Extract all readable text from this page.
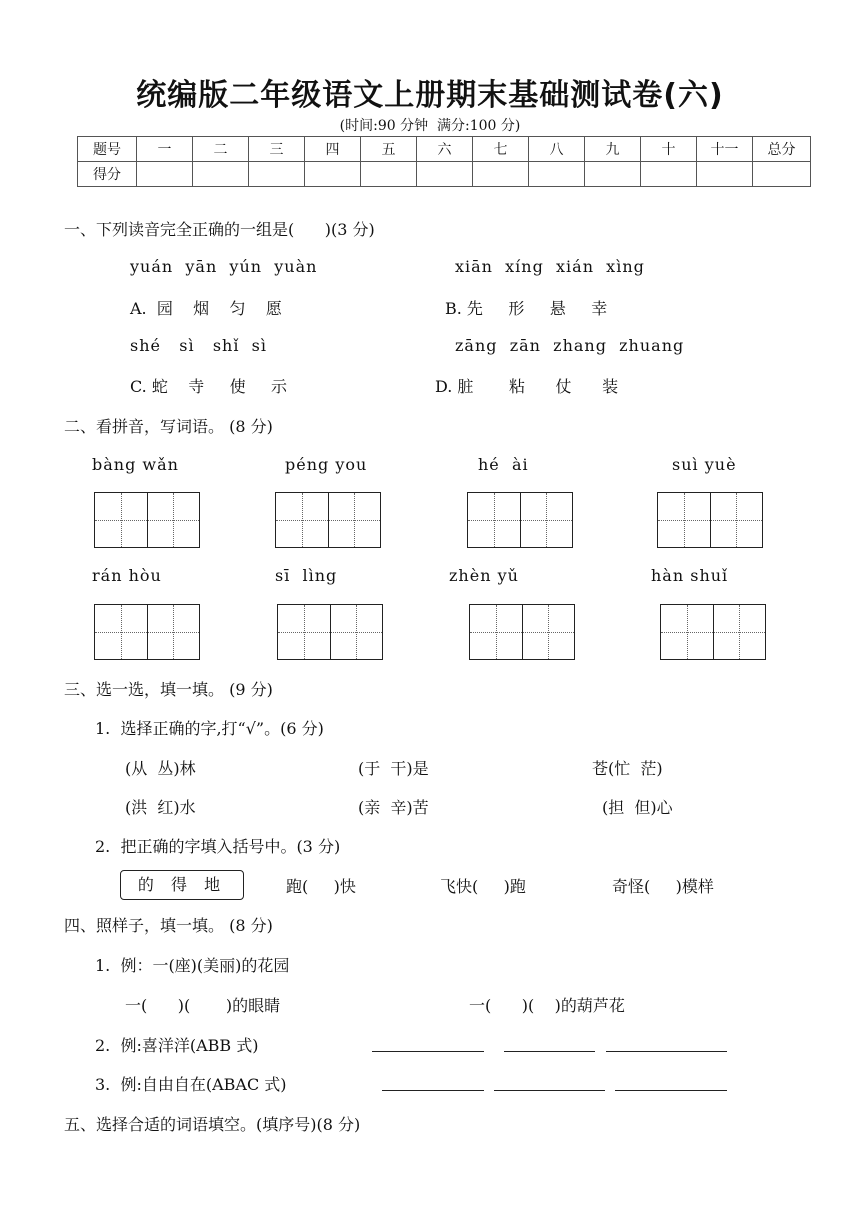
统编版二年级语文上册期末基础测试卷(六)
(时间:90 分钟  满分:100 分)
题号	一	二	三	四	五	六	七	八	九	十	十一	总分
得分												
一、下列读音完全正确的一组是(      )(3 分)
yuán  yān  yún  yuàn	xiān  xíng  xián  xìng
A.  园    烟    匀    愿	B. 先     形     悬     幸
shé   sì   shǐ  sì	zāng  zān  zhang  zhuang
C. 蛇    寺     使     示	D. 脏       粘      仗      装
二、看拼音，写词语。 (8 分)
bàng wǎn	péng you	hé  ài	suì yuè
rán hòu	sī  lìng	zhèn yǔ	hàn shuǐ
三、选一选，填一填。 (9 分)
1.  选择正确的字,打“√”。(6 分)
(从  丛)林	(于  干)是	苍(忙  茫)
(洪  红)水	(亲  辛)苦	(担  但)心
2.  把正确的字填入括号中。(3 分)
的 得 地	跑(     )快	飞快(     )跑	奇怪(     )模样
四、照样子，填一填。 (8 分)
1.  例：一(座)(美丽)的花园
一(      )(       )的眼睛	一(      )(    )的葫芦花
2.  例:喜洋洋(ABB 式)
3.  例:自由自在(ABAC 式)
五、选择合适的词语填空。(填序号)(8 分)
